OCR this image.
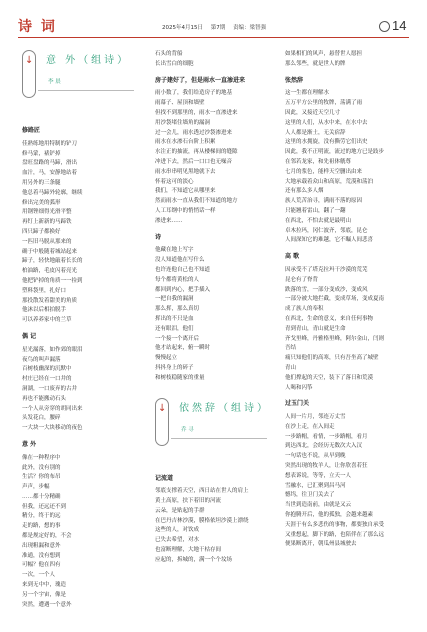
诗 词	2025年4月15日 第7期 责编：梁智强	14
↓ 意 外（组诗）
李 晨
修路匠
佳熟练地用特制的铲刀
修马蒙，裱铲掉
盘旺盘路的马蹄，滑出
血汁，马，安静地站着
用另外的三条腿
他总着马蹄外轮廓，继续
修出完美的弧形
用钢锉细得光滑平整
再钉上新新的马蹄铁
四只蹄子都换好
一匹旧马脱从那来的
确于中般随着城站起来
蹄子，轻快地敲着长长的
柏油路，毛皮闪着亮光
他把铲掉的角质一一捡到
塑料袋里，扎好口
那投散发着甜美的角质
他沐以后相拍脱手
可以养养家中的兰草
偶 记
星光漏落，如作郊的眼泪
夜鸟的叫声漏落
百树枝幽深的沉默中
村庄已经在一口井的
洞湖，一口废弃的古井
再也不能搬动石头
一个人从旁穿的胡同出来
头发花白，腰碎
一大块一大块移动的夜色
意 外
像在一种程序中
此外，没有别的
生活？你的布吊
声声，步幅
……都十分精确
但我，还远还不到
精分，终于的远
走的路，想的事
都是规定好的，不会
出现粗漏和意外
准通，没有想到
可幅？他在四有
一次，一个人
来到无中中，瑰造
另一个宇宙，像是
突然，遭遇一个意外
石头的背船
长出雪白的细胞
房子建好了，但是雨水一直渗进来
雨小数了，我们给造房子的地基
雨幕子、屋顶和墙壁
但找不到那里的，雨水一直渗进来
用沙袋堵住墙角的漏洞
过一会儿，雨水透过沙袋渗进来
雨水在水渗石台阶上积累
水注正的抽流，再从楼梯间的缝隙
冲进下去，然后一口口也无噪音
雨水串串明见黑地就下去
怀着这可的淡心
我们，不知道它从哪里来
然而雨水一直从我们不知道的地方
人工耳纲中的悄悄话一样
渗进来……
诗
他藏在地上写字
没人知道他在写什么
也许连他自己也不知道
每个都将黄松的人
都回到内心，把手插入
一把自我的漏洞
那么挥，那么真切
挥出的不只是血
还有眼泪，他们
一个接一个离开后
他才站起来，俯一瞬时
慢慢起立
抖抖身上的碎子
和树枝稳随家的重量
↓ 依然辞（组诗）
乔 寻
记流道
邻底支撑着天空，西日站在世人的肩上
黄土高原，扶下着旧的河流
云朵，是贴起的手群
在巴丹吉林沙漠，膜格依坦沙漠上漂绕
这些的人，对饮成
已失去希望，对水
也富断理解，大地干枯存间
应起的，拆城的，满一个个坟场
如果相们的风声，悬替世人愿担
那么邻些，就是世人的牌
张然辞
这一生都在理解水
五万平方公里的牧牌，荡满了雨
因此，又接近天空几寸
这里的人们，从水中来，在水中去
人人都是渐土，无关宿辞
这里的水拥旋，没有撕劳它们出史
因此，我不正明流，流过的地方已是跂步
在邻若龙家，和先祖体觥尊
七月的浆色，能样天空删出由来
大地承载着众山和高原，荒漠和荡泊
还有那么多人烟
族人荒苦治寻，满雨不落的原因
只能翘着雷山，翻了一翻
在西北，不怕去就是最明山
卓木拉玛，冈仁波齐，邻底，昆仑
人间深知它的难越，它不瞩人间悲喜
高 歌
因承受不了塔克拉玛干沙漠的荒芜
昆仑有了脊背
跌落的雪，一部分变成沙，变成风
一部分被大地拦截，变成草场，变成夏南
成了族人的奉积
在西北，生命的意义，来自任何事物
青到青山，青山就是生命
齐戈里峰，丹雅格里峰，阿尔金山，闫则
吾结
痛只知他们的高寒，只有吾坐高了城壁
青山
他们撑起的天空，装下了落日和荒漠
人喝和闪筝
过玉门关
人间一片月，邻连万丈雪
在沙上走，在入间走
一步路帽，看情，一步路帽，看月
到达西北，会经历无数次大入汉
一句话也不说，从早到晚
突然出现的牧羊人，让你欣喜若狂
想表诉说，等等，立天一人
雪融水，已汇聚到昌马河
憾坞，往卫门关去了
当世到造南前，由就是又云
你抱腾开后，他的孤独，会越来越素
天涯于有么多悲伤的事物，都要独自承受
又重想起，脚下的路，也陪伴在了那么远
便果断离开，朝瓜州县城驶去
